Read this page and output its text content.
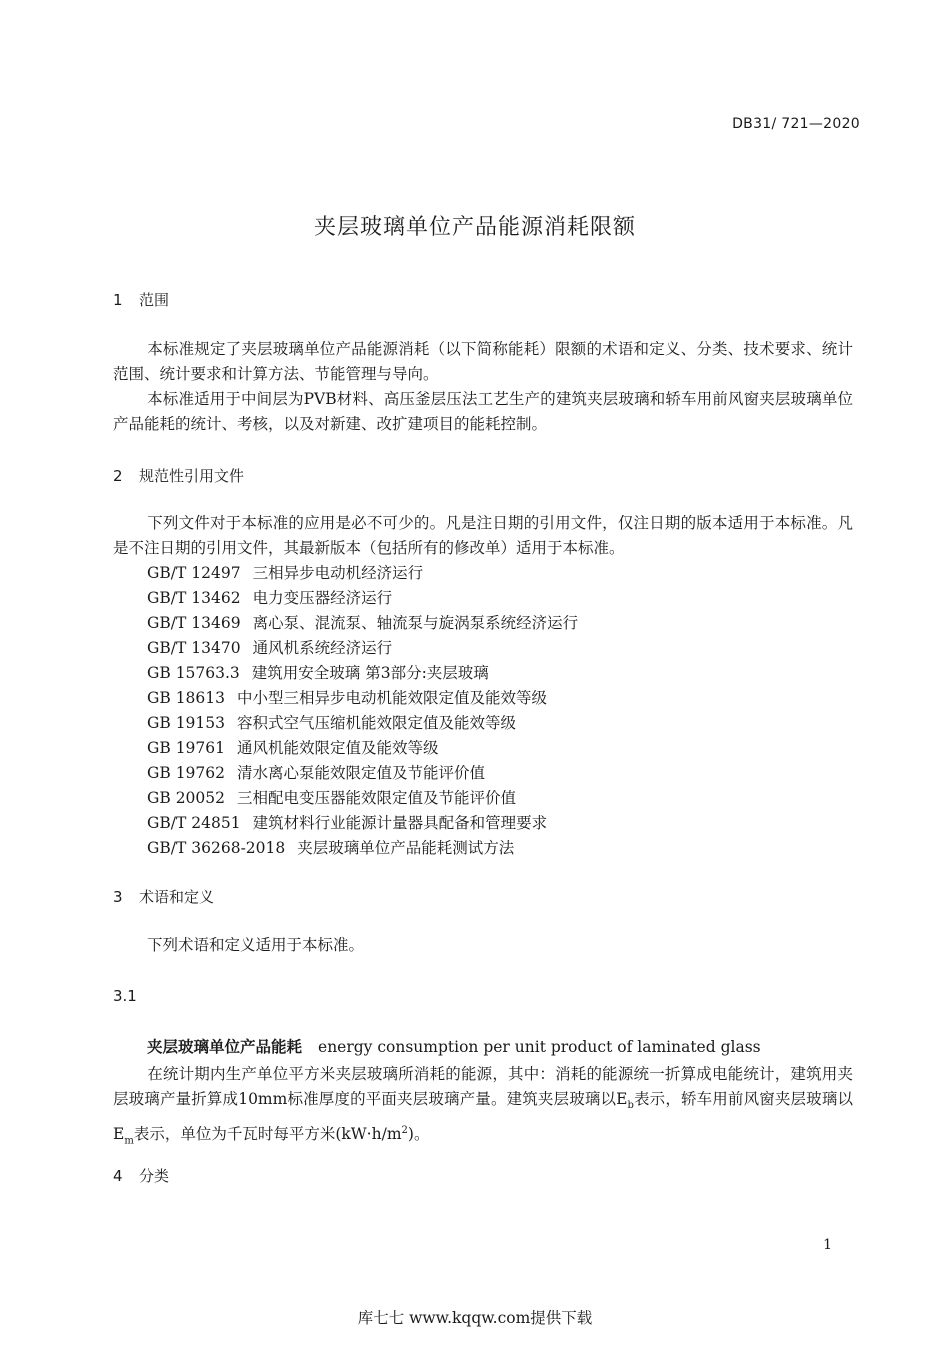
DB31/ 721—2020
夹层玻璃单位产品能源消耗限额
1 范围
本标准规定了夹层玻璃单位产品能源消耗（以下简称能耗）限额的术语和定义、分类、技术要求、统计范围、统计要求和计算方法、节能管理与导向。
本标准适用于中间层为PVB材料、高压釜层压法工艺生产的建筑夹层玻璃和轿车用前风窗夹层玻璃单位产品能耗的统计、考核，以及对新建、改扩建项目的能耗控制。
2 规范性引用文件
下列文件对于本标准的应用是必不可少的。凡是注日期的引用文件，仅注日期的版本适用于本标准。凡是不注日期的引用文件，其最新版本（包括所有的修改单）适用于本标准。
GB/T 12497 三相异步电动机经济运行
GB/T 13462 电力变压器经济运行
GB/T 13469 离心泵、混流泵、轴流泵与旋涡泵系统经济运行
GB/T 13470 通风机系统经济运行
GB 15763.3 建筑用安全玻璃 第3部分:夹层玻璃
GB 18613 中小型三相异步电动机能效限定值及能效等级
GB 19153 容积式空气压缩机能效限定值及能效等级
GB 19761 通风机能效限定值及能效等级
GB 19762 清水离心泵能效限定值及节能评价值
GB 20052 三相配电变压器能效限定值及节能评价值
GB/T 24851 建筑材料行业能源计量器具配备和管理要求
GB/T 36268-2018 夹层玻璃单位产品能耗测试方法
3 术语和定义
下列术语和定义适用于本标准。
3.1
夹层玻璃单位产品能耗 energy consumption per unit product of laminated glass
在统计期内生产单位平方米夹层玻璃所消耗的能源，其中：消耗的能源统一折算成电能统计，建筑用夹层玻璃产量折算成10mm标准厚度的平面夹层玻璃产量。建筑夹层玻璃以$E_b$表示，轿车用前风窗夹层玻璃以$E_m$表示，单位为千瓦时每平方米$(kW\cdot h/m^2)$。
4 分类
1
库七七 www.kqqw.com提供下载
